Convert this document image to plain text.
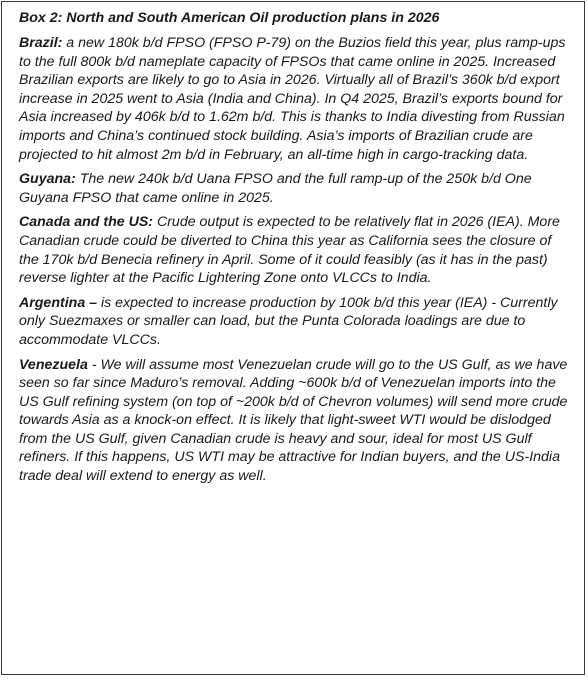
Box 2: North and South American Oil production plans in 2026

Brazil: a new 180k b/d FPSO (FPSO P-79) on the Buzios field this year, plus ramp-ups to the full 800k b/d nameplate capacity of FPSOs that came online in 2025. Increased Brazilian exports are likely to go to Asia in 2026. Virtually all of Brazil’s 360k b/d export increase in 2025 went to Asia (India and China). In Q4 2025, Brazil’s exports bound for Asia increased by 406k b/d to 1.62m b/d. This is thanks to India divesting from Russian imports and China’s continued stock building. Asia’s imports of Brazilian crude are projected to hit almost 2m b/d in February, an all-time high in cargo-tracking data.

Guyana: The new 240k b/d Uana FPSO and the full ramp-up of the 250k b/d One Guyana FPSO that came online in 2025.

Canada and the US: Crude output is expected to be relatively flat in 2026 (IEA). More Canadian crude could be diverted to China this year as California sees the closure of the 170k b/d Benecia refinery in April. Some of it could feasibly (as it has in the past) reverse lighter at the Pacific Lightering Zone onto VLCCs to India.

Argentina – is expected to increase production by 100k b/d this year (IEA) - Currently only Suezmaxes or smaller can load, but the Punta Colorada loadings are due to accommodate VLCCs.

Venezuela - We will assume most Venezuelan crude will go to the US Gulf, as we have seen so far since Maduro’s removal. Adding ~600k b/d of Venezuelan imports into the US Gulf refining system (on top of ~200k b/d of Chevron volumes) will send more crude towards Asia as a knock-on effect. It is likely that light-sweet WTI would be dislodged from the US Gulf, given Canadian crude is heavy and sour, ideal for most US Gulf refiners. If this happens, US WTI may be attractive for Indian buyers, and the US-India trade deal will extend to energy as well.
